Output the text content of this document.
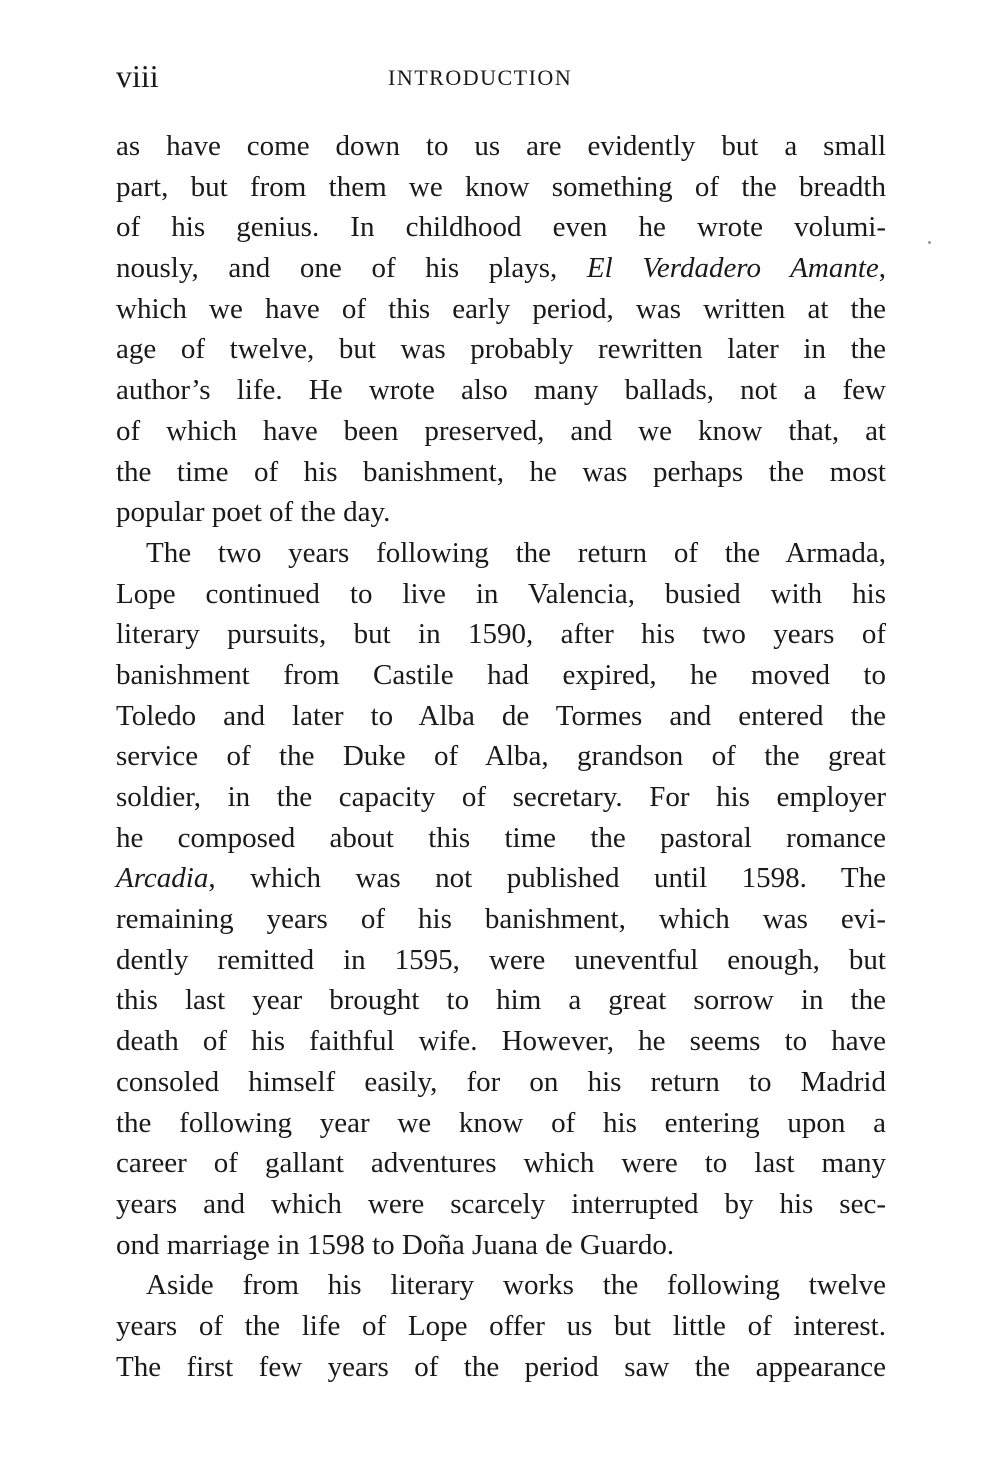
viii	INTRODUCTION
as have come down to us are evidently but a small
part, but from them we know something of the breadth
of his genius. In childhood even he wrote volumi-
nously, and one of his plays, El Verdadero Amante,
which we have of this early period, was written at the
age of twelve, but was probably rewritten later in the
author’s life. He wrote also many ballads, not a few
of which have been preserved, and we know that, at
the time of his banishment, he was perhaps the most
popular poet of the day.
The two years following the return of the Armada,
Lope continued to live in Valencia, busied with his
literary pursuits, but in 1590, after his two years of
banishment from Castile had expired, he moved to
Toledo and later to Alba de Tormes and entered the
service of the Duke of Alba, grandson of the great
soldier, in the capacity of secretary. For his employer
he composed about this time the pastoral romance
Arcadia, which was not published until 1598. The
remaining years of his banishment, which was evi-
dently remitted in 1595, were uneventful enough, but
this last year brought to him a great sorrow in the
death of his faithful wife. However, he seems to have
consoled himself easily, for on his return to Madrid
the following year we know of his entering upon a
career of gallant adventures which were to last many
years and which were scarcely interrupted by his sec-
ond marriage in 1598 to Doña Juana de Guardo.
Aside from his literary works the following twelve
years of the life of Lope offer us but little of interest.
The first few years of the period saw the appearance
